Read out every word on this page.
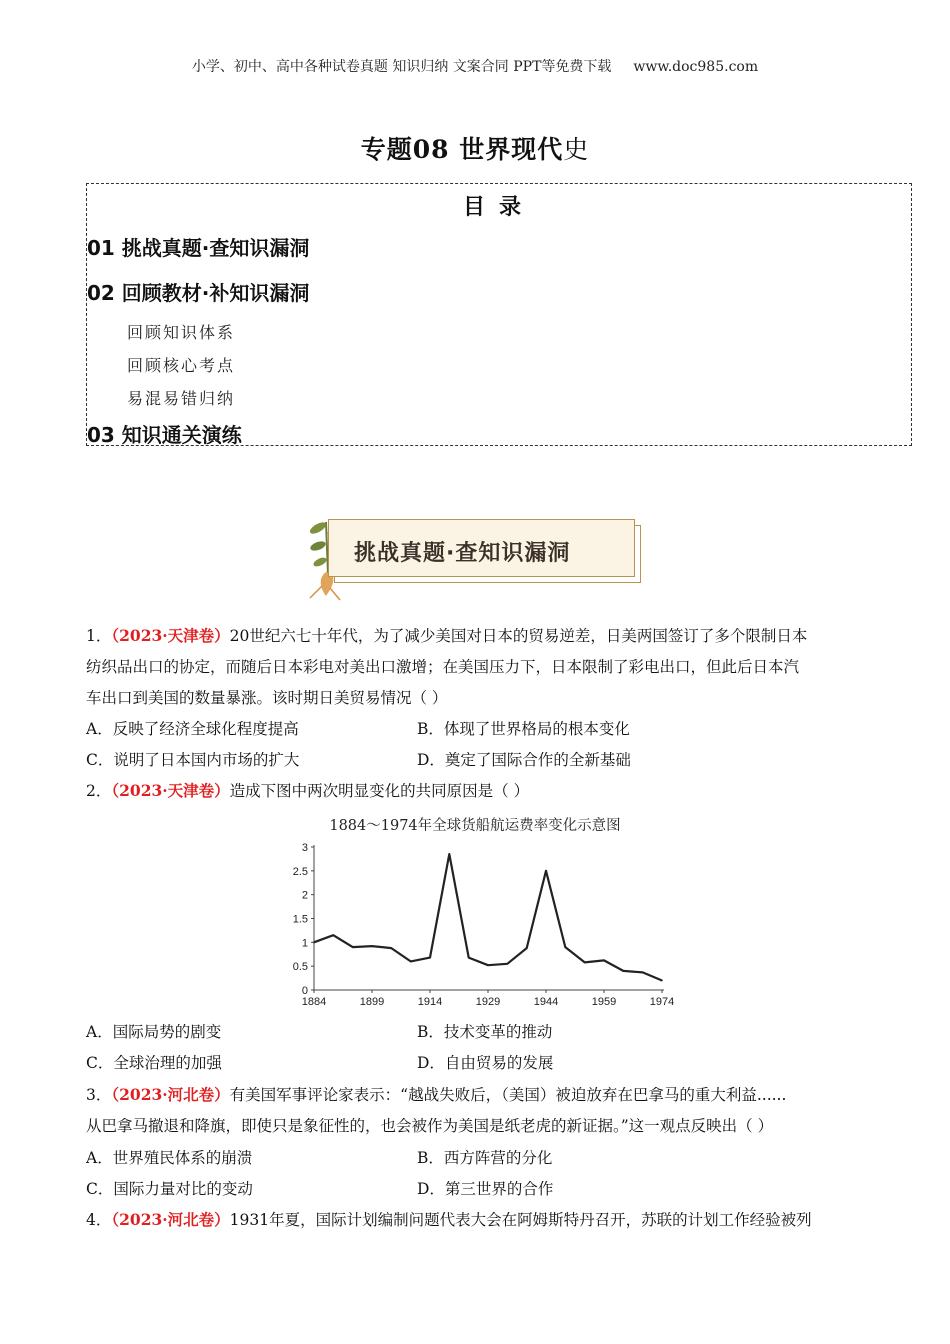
小学、初中、高中各种试卷真题 知识归纳 文案合同 PPT等免费下载 www.doc985.com
专题08 世界现代史
目录
01 挑战真题·查知识漏洞
02 回顾教材·补知识漏洞
回顾知识体系
回顾核心考点
易混易错归纳
03 知识通关演练
挑战真题·查知识漏洞
1．（2023·天津卷）20世纪六七十年代，为了减少美国对日本的贸易逆差，日美两国签订了多个限制日本
纺织品出口的协定，而随后日本彩电对美出口激增；在美国压力下，日本限制了彩电出口，但此后日本汽
车出口到美国的数量暴涨。该时期日美贸易情况（ ）
A．反映了经济全球化程度提高	B．体现了世界格局的根本变化
C．说明了日本国内市场的扩大	D．奠定了国际合作的全新基础
2．（2023·天津卷）造成下图中两次明显变化的共同原因是（ ）
1884～1974年全球货船航运费率变化示意图
0
0.5
1
1.5
2
2.5
3
1884	1899	1914	1929	1944	1959	1974
A．国际局势的剧变	B．技术变革的推动
C．全球治理的加强	D．自由贸易的发展
3．（2023·河北卷）有美国军事评论家表示：“越战失败后，（美国）被迫放弃在巴拿马的重大利益......
从巴拿马撤退和降旗，即使只是象征性的，也会被作为美国是纸老虎的新证据。”这一观点反映出（ ）
A．世界殖民体系的崩溃	B．西方阵营的分化
C．国际力量对比的变动	D．第三世界的合作
4．（2023·河北卷）1931年夏，国际计划编制问题代表大会在阿姆斯特丹召开，苏联的计划工作经验被列
